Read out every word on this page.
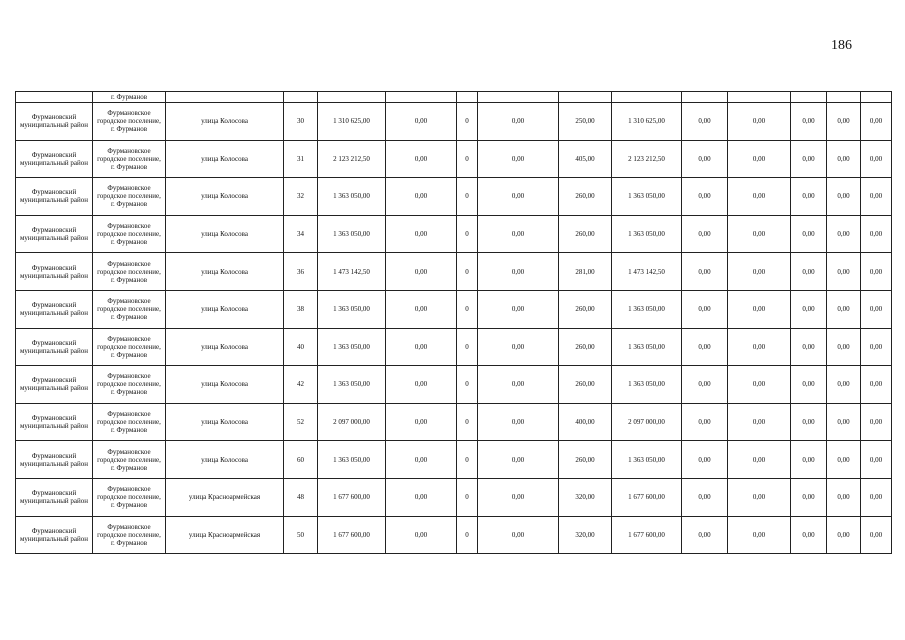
186
	г. Фурманов													
Фурмановский муниципальный район	Фурмановское городское поселение, г. Фурманов	улица Колосова	30	1 310 625,00	0,00	0	0,00	250,00	1 310 625,00	0,00	0,00	0,00	0,00	0,00
Фурмановский муниципальный район	Фурмановское городское поселение, г. Фурманов	улица Колосова	31	2 123 212,50	0,00	0	0,00	405,00	2 123 212,50	0,00	0,00	0,00	0,00	0,00
Фурмановский муниципальный район	Фурмановское городское поселение, г. Фурманов	улица Колосова	32	1 363 050,00	0,00	0	0,00	260,00	1 363 050,00	0,00	0,00	0,00	0,00	0,00
Фурмановский муниципальный район	Фурмановское городское поселение, г. Фурманов	улица Колосова	34	1 363 050,00	0,00	0	0,00	260,00	1 363 050,00	0,00	0,00	0,00	0,00	0,00
Фурмановский муниципальный район	Фурмановское городское поселение, г. Фурманов	улица Колосова	36	1 473 142,50	0,00	0	0,00	281,00	1 473 142,50	0,00	0,00	0,00	0,00	0,00
Фурмановский муниципальный район	Фурмановское городское поселение, г. Фурманов	улица Колосова	38	1 363 050,00	0,00	0	0,00	260,00	1 363 050,00	0,00	0,00	0,00	0,00	0,00
Фурмановский муниципальный район	Фурмановское городское поселение, г. Фурманов	улица Колосова	40	1 363 050,00	0,00	0	0,00	260,00	1 363 050,00	0,00	0,00	0,00	0,00	0,00
Фурмановский муниципальный район	Фурмановское городское поселение, г. Фурманов	улица Колосова	42	1 363 050,00	0,00	0	0,00	260,00	1 363 050,00	0,00	0,00	0,00	0,00	0,00
Фурмановский муниципальный район	Фурмановское городское поселение, г. Фурманов	улица Колосова	52	2 097 000,00	0,00	0	0,00	400,00	2 097 000,00	0,00	0,00	0,00	0,00	0,00
Фурмановский муниципальный район	Фурмановское городское поселение, г. Фурманов	улица Колосова	60	1 363 050,00	0,00	0	0,00	260,00	1 363 050,00	0,00	0,00	0,00	0,00	0,00
Фурмановский муниципальный район	Фурмановское городское поселение, г. Фурманов	улица Красноармейская	48	1 677 600,00	0,00	0	0,00	320,00	1 677 600,00	0,00	0,00	0,00	0,00	0,00
Фурмановский муниципальный район	Фурмановское городское поселение, г. Фурманов	улица Красноармейская	50	1 677 600,00	0,00	0	0,00	320,00	1 677 600,00	0,00	0,00	0,00	0,00	0,00
